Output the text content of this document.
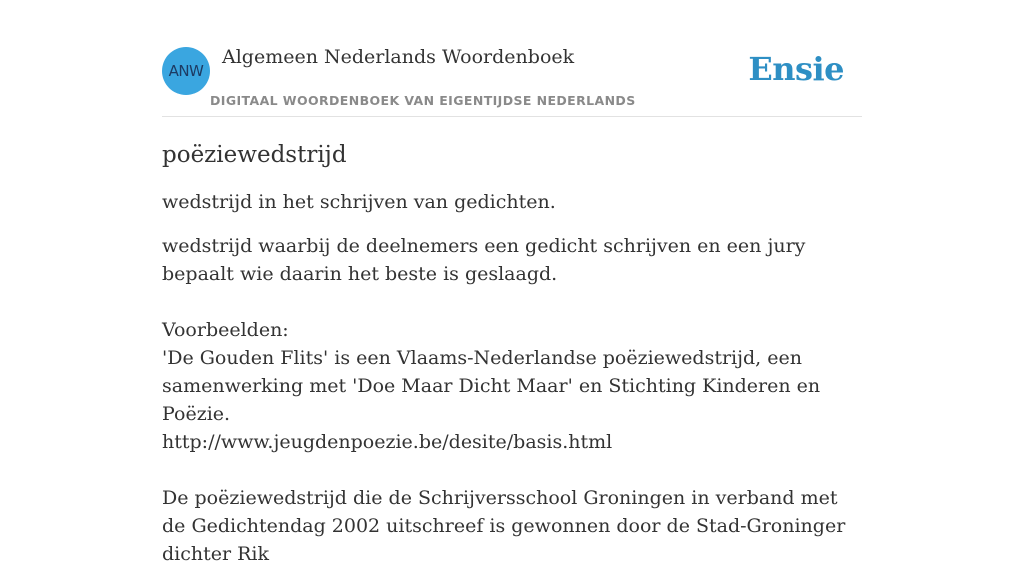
ANW
Algemeen Nederlands Woordenboek
DIGITAAL WOORDENBOEK VAN EIGENTIJDSE NEDERLANDS
Ensie
poëziewedstrijd

wedstrijd in het schrijven van gedichten.

wedstrijd waarbij de deelnemers een gedicht schrijven en een jury bepaalt wie daarin het beste is geslaagd.

Voorbeelden:

'De Gouden Flits' is een Vlaams-Nederlandse poëziewedstrijd, een samenwerking met 'Doe Maar Dicht Maar' en Stichting Kinderen en Poëzie.

http://www.jeugdenpoezie.be/desite/basis.html

De poëziewedstrijd die de Schrijversschool Groningen in verband met de Gedichtendag 2002 uitschreef is gewonnen door de Stad-Groninger dichter Rik
